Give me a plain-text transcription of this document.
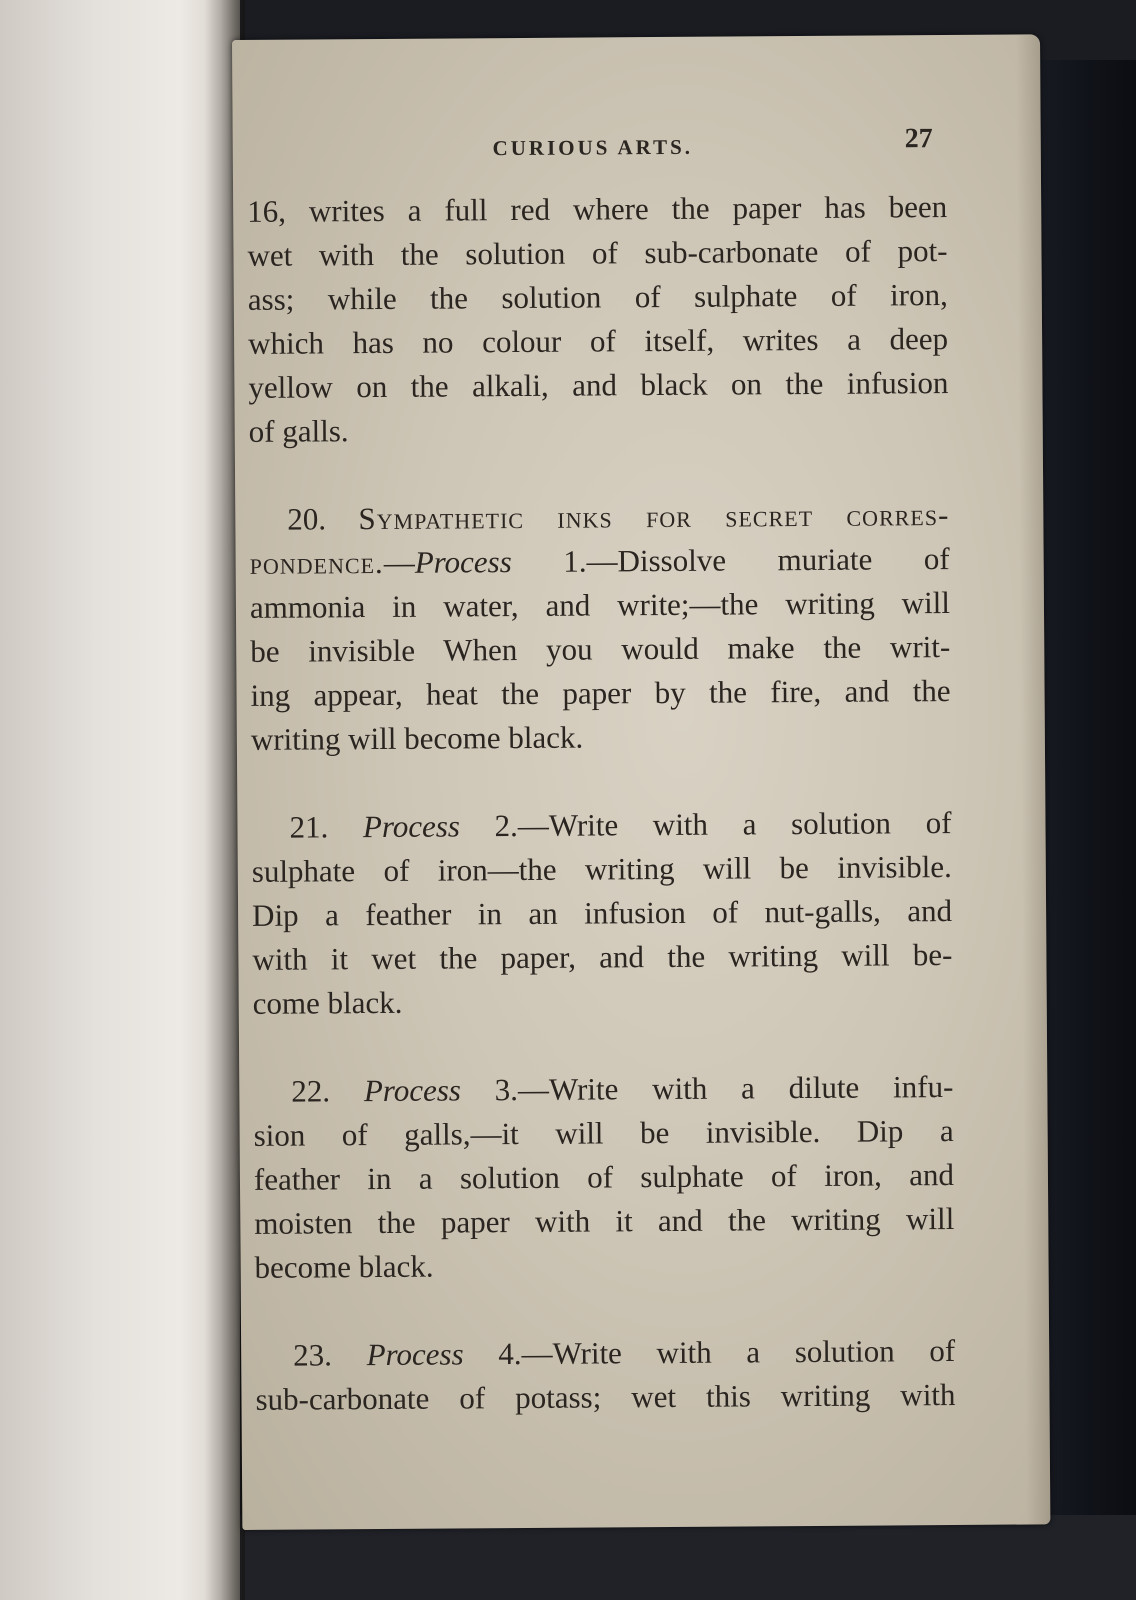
CURIOUS ARTS.	27
16, writes a full red where the paper has been
wet with the solution of sub-carbonate of pot-
ass; while the solution of sulphate of iron,
which has no colour of itself, writes a deep
yellow on the alkali, and black on the infusion
of galls.
20. Sympathetic inks for secret corres-
pondence.—Process 1.—Dissolve muriate of
ammonia in water, and write;—the writing will
be invisible When you would make the writ-
ing appear, heat the paper by the fire, and the
writing will become black.
21. Process 2.—Write with a solution of
sulphate of iron—the writing will be invisible.
Dip a feather in an infusion of nut-galls, and
with it wet the paper, and the writing will be-
come black.
22. Process 3.—Write with a dilute infu-
sion of galls,—it will be invisible. Dip a
feather in a solution of sulphate of iron, and
moisten the paper with it and the writing will
become black.
23. Process 4.—Write with a solution of
sub-carbonate of potass; wet this writing with
